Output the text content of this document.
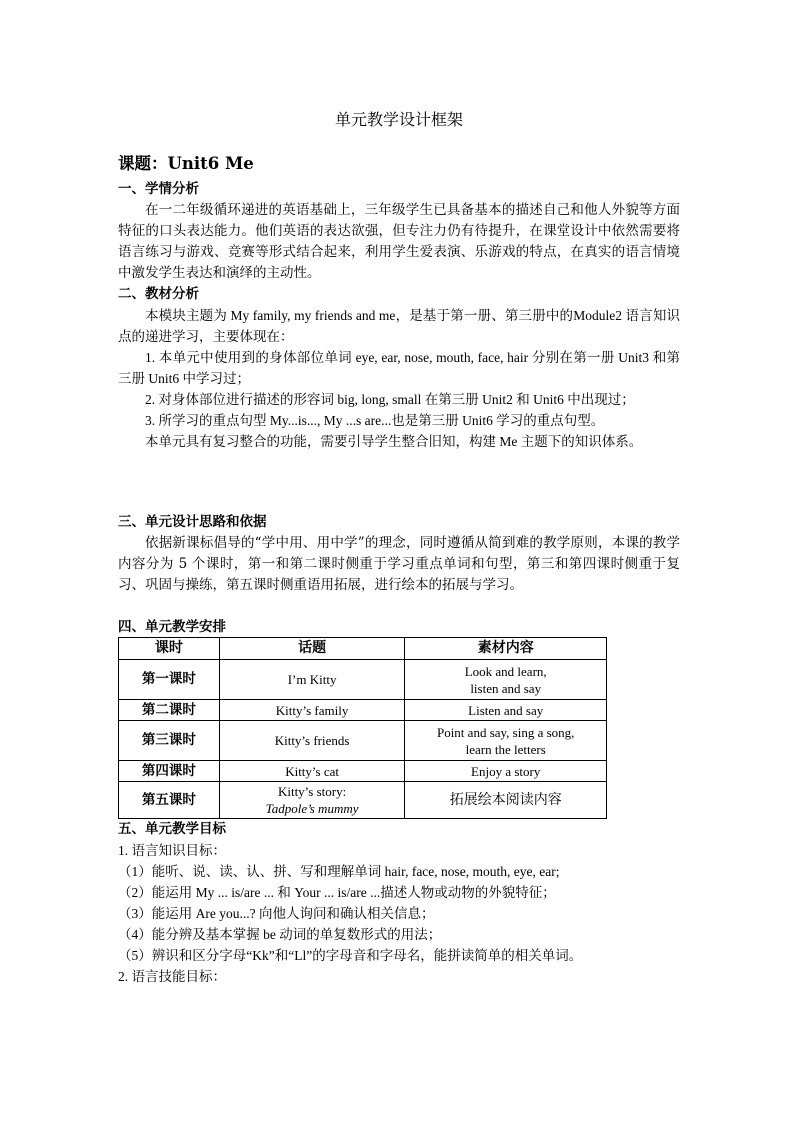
单元教学设计框架
课题：Unit6 Me

一、学情分析

在一二年级循环递进的英语基础上，三年级学生已具备基本的描述自己和他人外貌等方面特征的口头表达能力。他们英语的表达欲强，但专注力仍有待提升，在课堂设计中依然需要将语言练习与游戏、竞赛等形式结合起来，利用学生爱表演、乐游戏的特点，在真实的语言情境中激发学生表达和演绎的主动性。

二、教材分析

本模块主题为 My family, my friends and me，是基于第一册、第三册中的Module2 语言知识点的递进学习，主要体现在：

1. 本单元中使用到的身体部位单词 eye, ear, nose, mouth, face, hair 分别在第一册 Unit3 和第三册 Unit6 中学习过；

2. 对身体部位进行描述的形容词 big, long, small 在第三册 Unit2 和 Unit6 中出现过；

3. 所学习的重点句型 My...is..., My ...s are...也是第三册 Unit6 学习的重点句型。

本单元具有复习整合的功能，需要引导学生整合旧知，构建 Me 主题下的知识体系。

三、单元设计思路和依据

依据新课标倡导的“学中用、用中学”的理念，同时遵循从简到难的教学原则，本课的教学内容分为 5 个课时，第一和第二课时侧重于学习重点单词和句型，第三和第四课时侧重于复习、巩固与操练，第五课时侧重语用拓展，进行绘本的拓展与学习。

四、单元教学安排

课时	话题	素材内容
第一课时	I’m Kitty	Look and learn,
listen and say

第二课时	Kitty’s family	Listen and say
第三课时	Kitty’s friends	Point and say, sing a song,
learn the letters

第四课时	Kitty’s cat	Enjoy a story
第五课时	Kitty’s story:
Tadpole’s mummy	拓展绘本阅读内容

五、单元教学目标

1. 语言知识目标：

（1）能听、说、读、认、拼、写和理解单词 hair, face, nose, mouth, eye, ear;

（2）能运用 My ... is/are ... 和 Your ... is/are ...描述人物或动物的外貌特征；

（3）能运用 Are you...? 向他人询问和确认相关信息；

（4）能分辨及基本掌握 be 动词的单复数形式的用法；

（5）辨识和区分字母“Kk”和“Ll”的字母音和字母名，能拼读简单的相关单词。

2. 语言技能目标：
